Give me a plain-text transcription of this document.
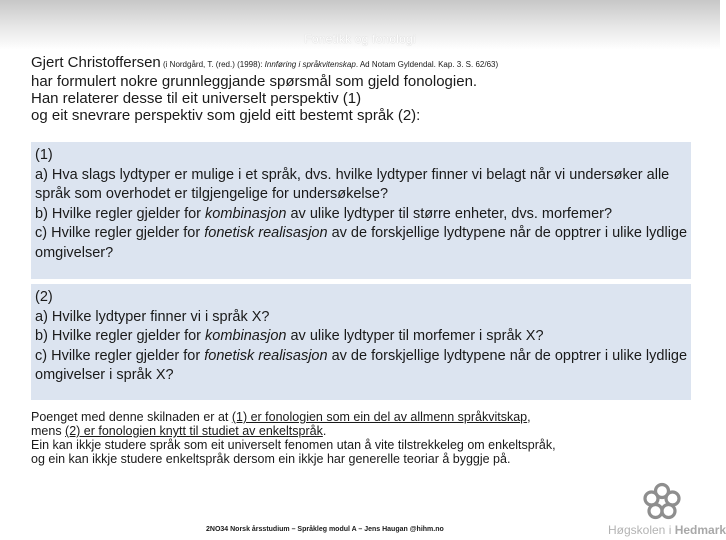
Fonetikk og fonologi
Gjert Christoffersen (i Nordgård, T. (red.) (1998): Innføring i språkvitenskap. Ad Notam Gyldendal. Kap. 3. S. 62/63)
har formulert nokre grunnleggjande spørsmål som gjeld fonologien.
Han relaterer desse til eit universelt perspektiv (1)
og eit snevrare perspektiv som gjeld eitt bestemt språk (2):
(1)
a) Hva slags lydtyper er mulige i et språk, dvs. hvilke lydtyper finner vi belagt når vi undersøker alle språk som overhodet er tilgjengelige for undersøkelse?
b) Hvilke regler gjelder for kombinasjon av ulike lydtyper til større enheter, dvs. morfemer?
c) Hvilke regler gjelder for fonetisk realisasjon av de forskjellige lydtypene når de opptrer i ulike lydlige omgivelser?
(2)
a) Hvilke lydtyper finner vi i språk X?
b) Hvilke regler gjelder for kombinasjon av ulike lydtyper til morfemer i språk X?
c) Hvilke regler gjelder for fonetisk realisasjon av de forskjellige lydtypene når de opptrer i ulike lydlige omgivelser i språk X?
Poenget med denne skilnaden er at (1) er fonologien som ein del av allmenn språkvitskap,
mens (2) er fonologien knytt til studiet av enkeltspråk.
Ein kan ikkje studere språk som eit universelt fenomen utan å vite tilstrekkeleg om enkeltspråk,
og ein kan ikkje studere enkeltspråk dersom ein ikkje har generelle teoriar å byggje på.
2NO34 Norsk årsstudium – Språkleg modul A – Jens Haugan @hihm.no	Høgskolen i Hedmark
